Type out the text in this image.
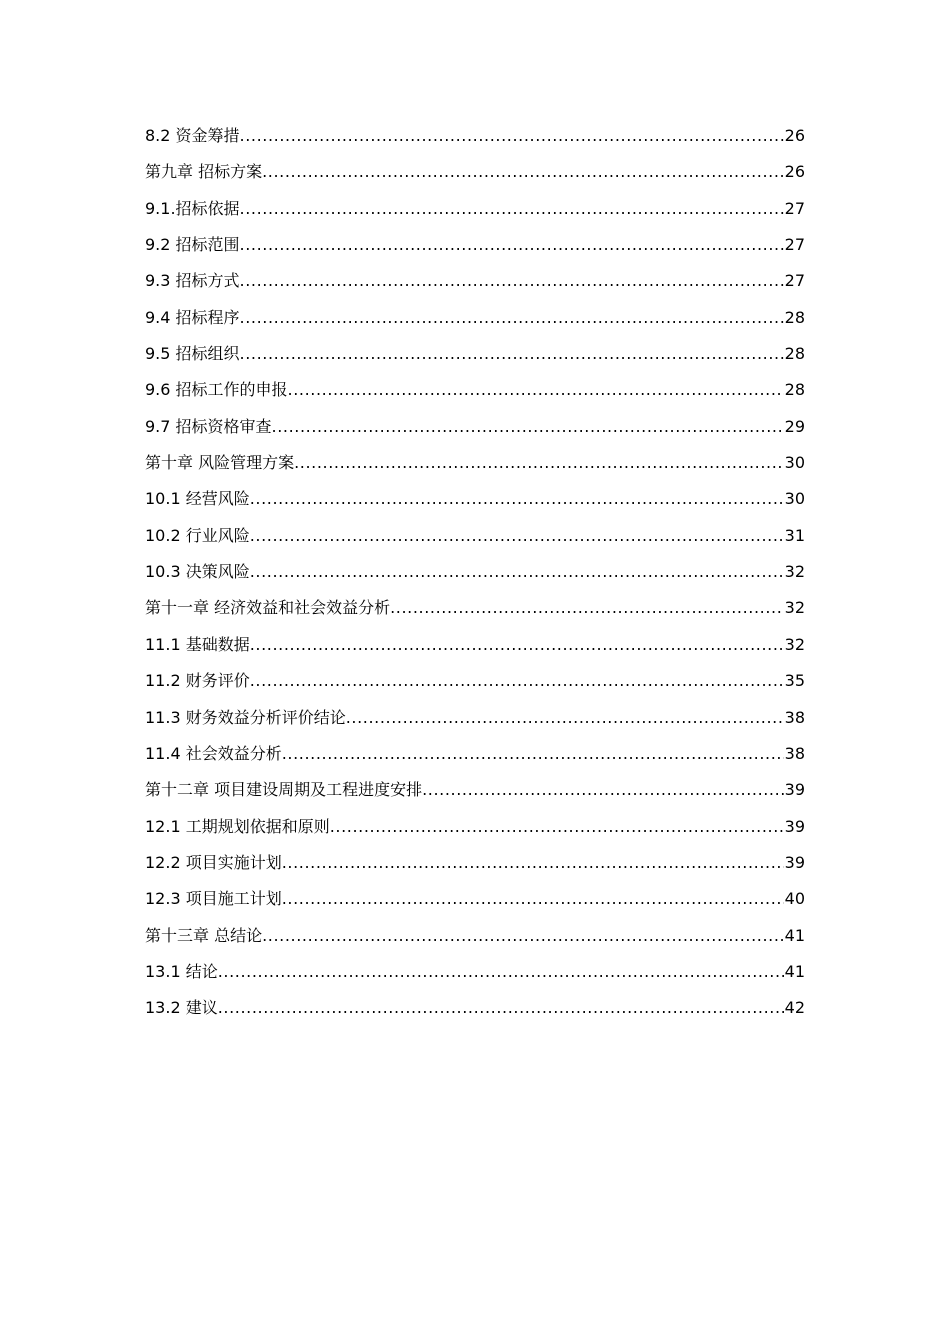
8.2 资金筹措 .....	26
第九章 招标方案 .....	26
9.1.招标依据 .....	27
9.2 招标范围 .....	27
9.3 招标方式 .....	27
9.4 招标程序 .....	28
9.5 招标组织 .....	28
9.6 招标工作的申报 .....	28
9.7 招标资格审查 .....	29
第十章 风险管理方案 .....	30
10.1 经营风险 .....	30
10.2 行业风险 .....	31
10.3 决策风险 .....	32
第十一章 经济效益和社会效益分析 .....	32
11.1 基础数据 .....	32
11.2 财务评价 .....	35
11.3 财务效益分析评价结论 .....	38
11.4 社会效益分析 .....	38
第十二章 项目建设周期及工程进度安排 .....	39
12.1 工期规划依据和原则 .....	39
12.2 项目实施计划 .....	39
12.3 项目施工计划 .....	40
第十三章 总结论 .....	41
13.1 结论 .....	41
13.2 建议 .....	42
